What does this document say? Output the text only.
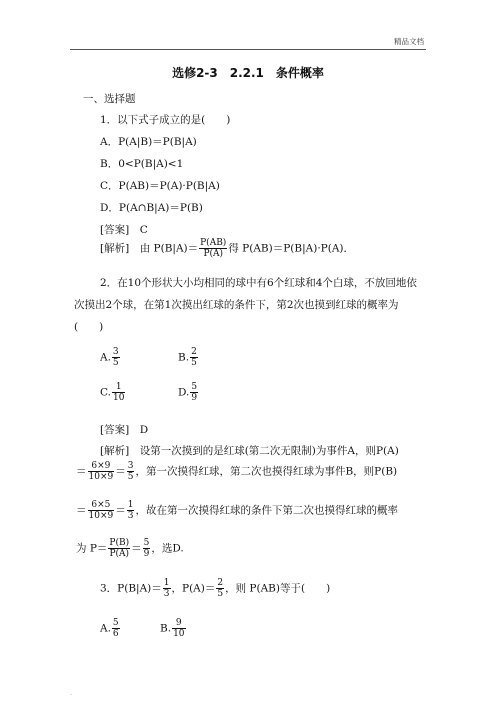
精品文档
选修2-3　2.2.1　条件概率
一、选择题
1．以下式子成立的是(　　)
A．P(A|B)＝P(B|A)
B．0<P(B|A)<1
C．P(AB)＝P(A)·P(B|A)
D．P(A∩B|A)＝P(B)
[答案]　C
[解析]　由 $P(B|A)= \frac{P(AB)}{P(A)}$ 得 P(AB)＝P(B|A)·P(A)．
2．在10个形状大小均相同的球中有6个红球和4个白球，不放回地依次摸出2个球，在第1次摸出红球的条件下，第2次也摸到红球的概率为(　　)
A. $\frac{3}{5}$	B. $\frac{2}{5}$
C. $\frac{1}{10}$	D. $\frac{5}{9}$
[答案]　D
[解析]　设第一次摸到的是红球(第二次无限制)为事件A，则P(A)
＝ $\frac{6\times 9}{10\times 9} = \frac{3}{5}$ ，第一次摸得红球，第二次也摸得红球为事件B，则P(B)
＝ $\frac{6\times 5}{10\times 9} = \frac{1}{3}$ ，故在第一次摸得红球的条件下第二次也摸得红球的概率
为 $P= \frac{P(B)}{P(A)} = \frac{5}{9}$ ，选D.
3．$P(B|A)= \frac{1}{3}$ ，$P(A)= \frac{2}{5}$ ，则 P(AB)等于(　　)
A. $\frac{5}{6}$	B. $\frac{9}{10}$
.
